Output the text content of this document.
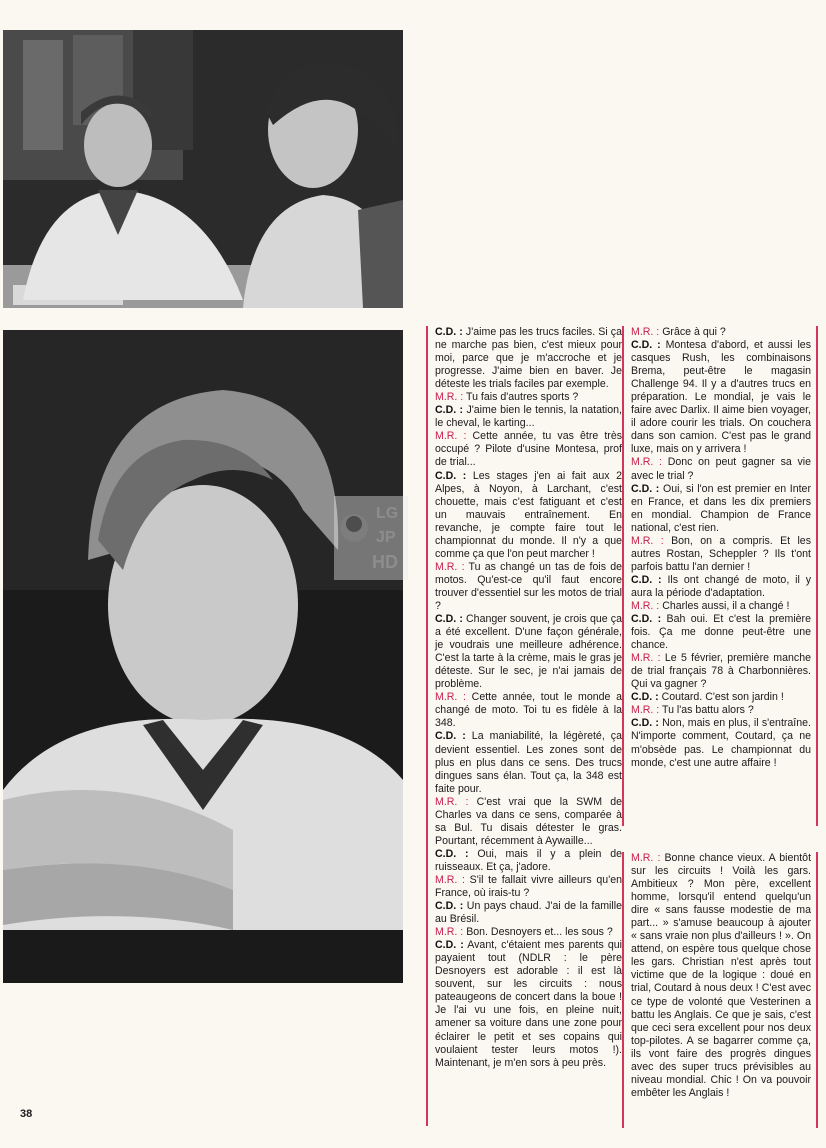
LG
JP
HD

C.D. : J'aime pas les trucs faciles. Si ça ne marche pas bien, c'est mieux pour moi, parce que je m'accroche et je progresse. J'aime bien en baver. Je déteste les trials faciles par exemple.

M.R. : Tu fais d'autres sports ?

C.D. : J'aime bien le tennis, la natation, le cheval, le karting...

M.R. : Cette année, tu vas être très occupé ? Pilote d'usine Montesa, prof de trial...

C.D. : Les stages j'en ai fait aux 2 Alpes, à Noyon, à Larchant, c'est chouette, mais c'est fatiguant et c'est un mauvais entraînement. En revanche, je compte faire tout le championnat du monde. Il n'y a que comme ça que l'on peut marcher !

M.R. : Tu as changé un tas de fois de motos. Qu'est-ce qu'il faut encore trouver d'essentiel sur les motos de trial ?

C.D. : Changer souvent, je crois que ça a été excellent. D'une façon générale, je voudrais une meilleure adhérence. C'est la tarte à la crème, mais le gras je déteste. Sur le sec, je n'ai jamais de problème.

M.R. : Cette année, tout le monde a changé de moto. Toi tu es fidèle à la 348.

C.D. : La maniabilité, la légèreté, ça devient essentiel. Les zones sont de plus en plus dans ce sens. Des trucs dingues sans élan. Tout ça, la 348 est faite pour.

M.R. : C'est vrai que la SWM de Charles va dans ce sens, comparée à sa Bul. Tu disais détester le gras. Pourtant, récemment à Aywaille...

C.D. : Oui, mais il y a plein de ruisseaux. Et ça, j'adore.

M.R. : S'il te fallait vivre ailleurs qu'en France, où irais-tu ?

C.D. : Un pays chaud. J'ai de la famille au Brésil.

M.R. : Bon. Desnoyers et... les sous ?

C.D. : Avant, c'étaient mes parents qui payaient tout (NDLR : le père Desnoyers est adorable : il est là souvent, sur les circuits : nous pateaugeons de concert dans la boue ! Je l'ai vu une fois, en pleine nuit, amener sa voiture dans une zone pour éclairer le petit et ses copains qui voulaient tester leurs motos !). Maintenant, je m'en sors à peu près.

M.R. : Grâce à qui ?

C.D. : Montesa d'abord, et aussi les casques Rush, les combinaisons Brema, peut-être le magasin Challenge 94. Il y a d'autres trucs en préparation. Le mondial, je vais le faire avec Darlix. Il aime bien voyager, il adore courir les trials. On couchera dans son camion. C'est pas le grand luxe, mais on y arrivera !

M.R. : Donc on peut gagner sa vie avec le trial ?

C.D. : Oui, si l'on est premier en Inter en France, et dans les dix premiers en mondial. Champion de France national, c'est rien.

M.R. : Bon, on a compris. Et les autres Rostan, Scheppler ? Ils t'ont parfois battu l'an dernier !

C.D. : Ils ont changé de moto, il y aura la période d'adaptation.

M.R. : Charles aussi, il a changé !

C.D. : Bah oui. Et c'est la première fois. Ça me donne peut-être une chance.

M.R. : Le 5 février, première manche de trial français 78 à Charbonnières. Qui va gagner ?

C.D. : Coutard. C'est son jardin !

M.R. : Tu l'as battu alors ?

C.D. : Non, mais en plus, il s'entraîne. N'importe comment, Coutard, ça ne m'obsède pas. Le championnat du monde, c'est une autre affaire !

M.R. : Bonne chance vieux. A bientôt sur les circuits ! Voilà les gars. Ambitieux ? Mon père, excellent homme, lorsqu'il entend quelqu'un dire « sans fausse modestie de ma part... » s'amuse beaucoup à ajouter « sans vraie non plus d'ailleurs ! ». On attend, on espère tous quelque chose les gars. Christian n'est après tout victime que de la logique : doué en trial, Coutard à nous deux ! C'est avec ce type de volonté que Vesterinen a battu les Anglais. Ce que je sais, c'est que ceci sera excellent pour nos deux top-pilotes. A se bagarrer comme ça, ils vont faire des progrès dingues avec des super trucs prévisibles au niveau mondial. Chic ! On va pouvoir embêter les Anglais !

38
